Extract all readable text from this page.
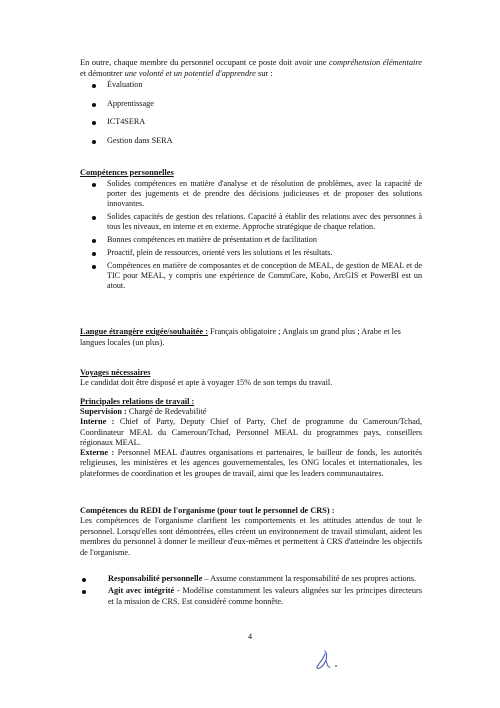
En outre, chaque membre du personnel occupant ce poste doit avoir une compréhension élémentaire et démontrer une volonté et un potentiel d'apprendre sur :

Évaluation
Apprentissage
ICT4SERA
Gestion dans SERA

Compétences personnelles

Solides compétences en matière d'analyse et de résolution de problèmes, avec la capacité de porter des jugements et de prendre des décisions judicieuses et de proposer des solutions innovantes.
Solides capacités de gestion des relations. Capacité à établir des relations avec des personnes à tous les niveaux, en interne et en externe. Approche stratégique de chaque relation.
Bonnes compétences en matière de présentation et de facilitation
Proactif, plein de ressources, orienté vers les solutions et les résultats.
Compétences en matière de composantes et de conception de MEAL, de gestion de MEAL et de TIC pour MEAL, y compris une expérience de CommCare, Kobo, ArcGIS et PowerBI est un atout.

Langue étrangère exigée/souhaitée : Français obligatoire ; Anglais un grand plus ; Arabe et les langues locales (un plus).

Voyages nécessaires

Le candidat doit être disposé et apte à voyager 15% de son temps du travail.

Principales relations de travail :

Supervision : Chargé de Redevabilité

Interne : Chief of Party, Deputy Chief of Party, Chef de programme du Cameroun/Tchad, Coordinateur MEAL du Cameroun/Tchad, Personnel MEAL du programmes pays, conseillers régionaux MEAL.

Externe : Personnel MEAL d'autres organisations et partenaires, le bailleur de fonds, les autorités religieuses, les ministères et les agences gouvernementales, les ONG locales et internationales, les plateformes de coordination et les groupes de travail, ainsi que les leaders communautaires.

Compétences du REDI de l'organisme (pour tout le personnel de CRS) :

Les compétences de l'organisme clarifient les comportements et les attitudes attendus de tout le personnel. Lorsqu'elles sont démontrées, elles créent un environnement de travail stimulant, aident les membres du personnel à donner le meilleur d'eux-mêmes et permettent à CRS d'atteindre les objectifs de l'organisme.

Responsabilité personnelle – Assume constamment la responsabilité de ses propres actions.
Agit avec intégrité - Modélise constamment les valeurs alignées sur les principes directeurs et la mission de CRS. Est considéré comme honnête.
4
